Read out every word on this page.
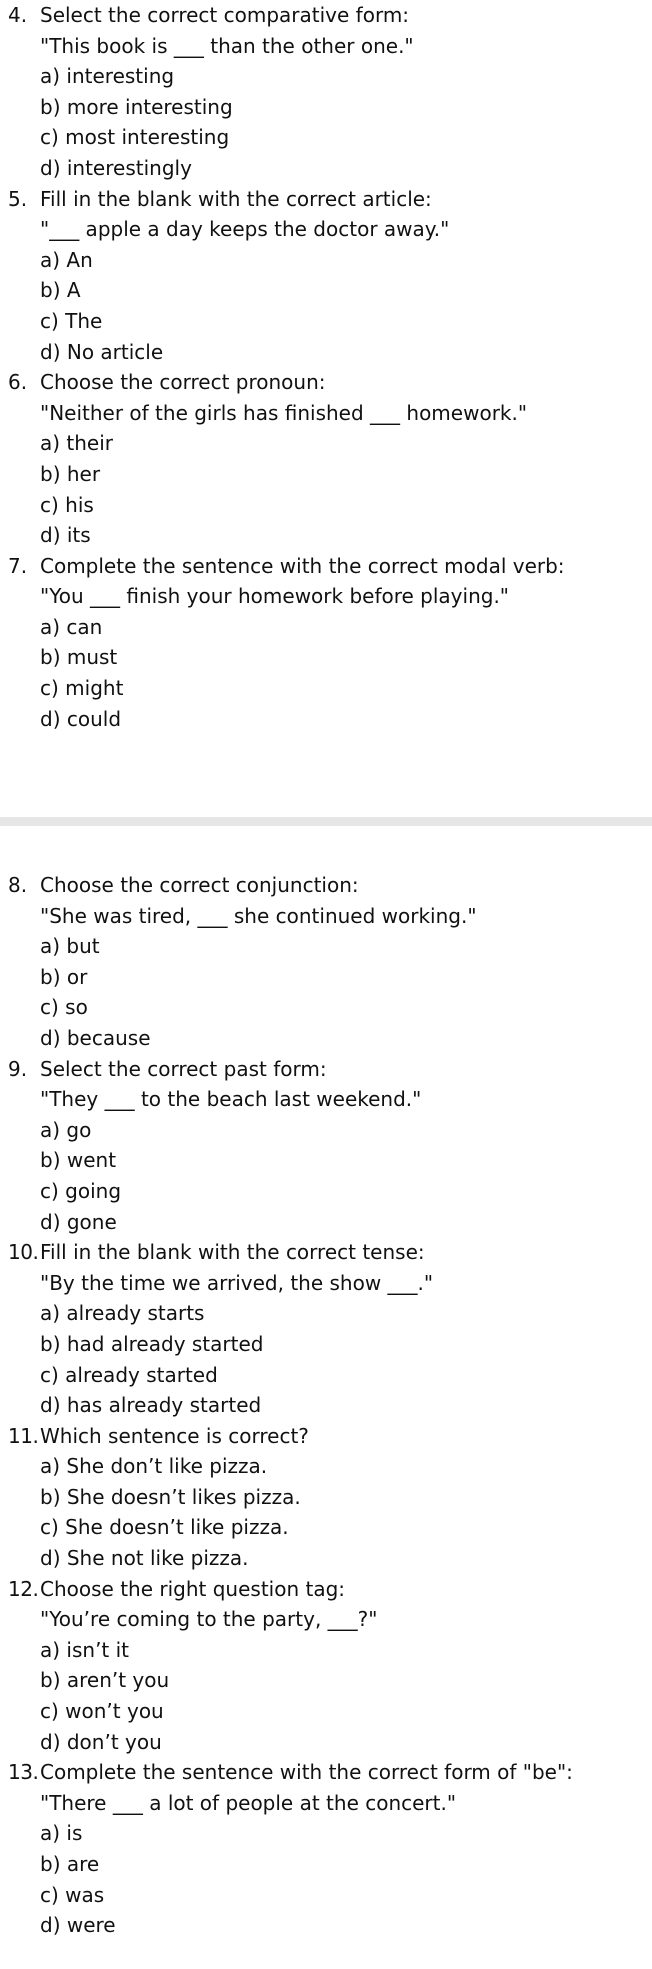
4. Select the correct comparative form:
"This book is ___ than the other one."
a) interesting
b) more interesting
c) most interesting
d) interestingly
5. Fill in the blank with the correct article:
"___ apple a day keeps the doctor away."
a) An
b) A
c) The
d) No article
6. Choose the correct pronoun:
"Neither of the girls has finished ___ homework."
a) their
b) her
c) his
d) its
7. Complete the sentence with the correct modal verb:
"You ___ finish your homework before playing."
a) can
b) must
c) might
d) could
8. Choose the correct conjunction:
"She was tired, ___ she continued working."
a) but
b) or
c) so
d) because
9. Select the correct past form:
"They ___ to the beach last weekend."
a) go
b) went
c) going
d) gone
10. Fill in the blank with the correct tense:
"By the time we arrived, the show ___."
a) already starts
b) had already started
c) already started
d) has already started
11. Which sentence is correct?
a) She don’t like pizza.
b) She doesn’t likes pizza.
c) She doesn’t like pizza.
d) She not like pizza.
12. Choose the right question tag:
"You’re coming to the party, ___?"
a) isn’t it
b) aren’t you
c) won’t you
d) don’t you
13. Complete the sentence with the correct form of "be":
"There ___ a lot of people at the concert."
a) is
b) are
c) was
d) were
